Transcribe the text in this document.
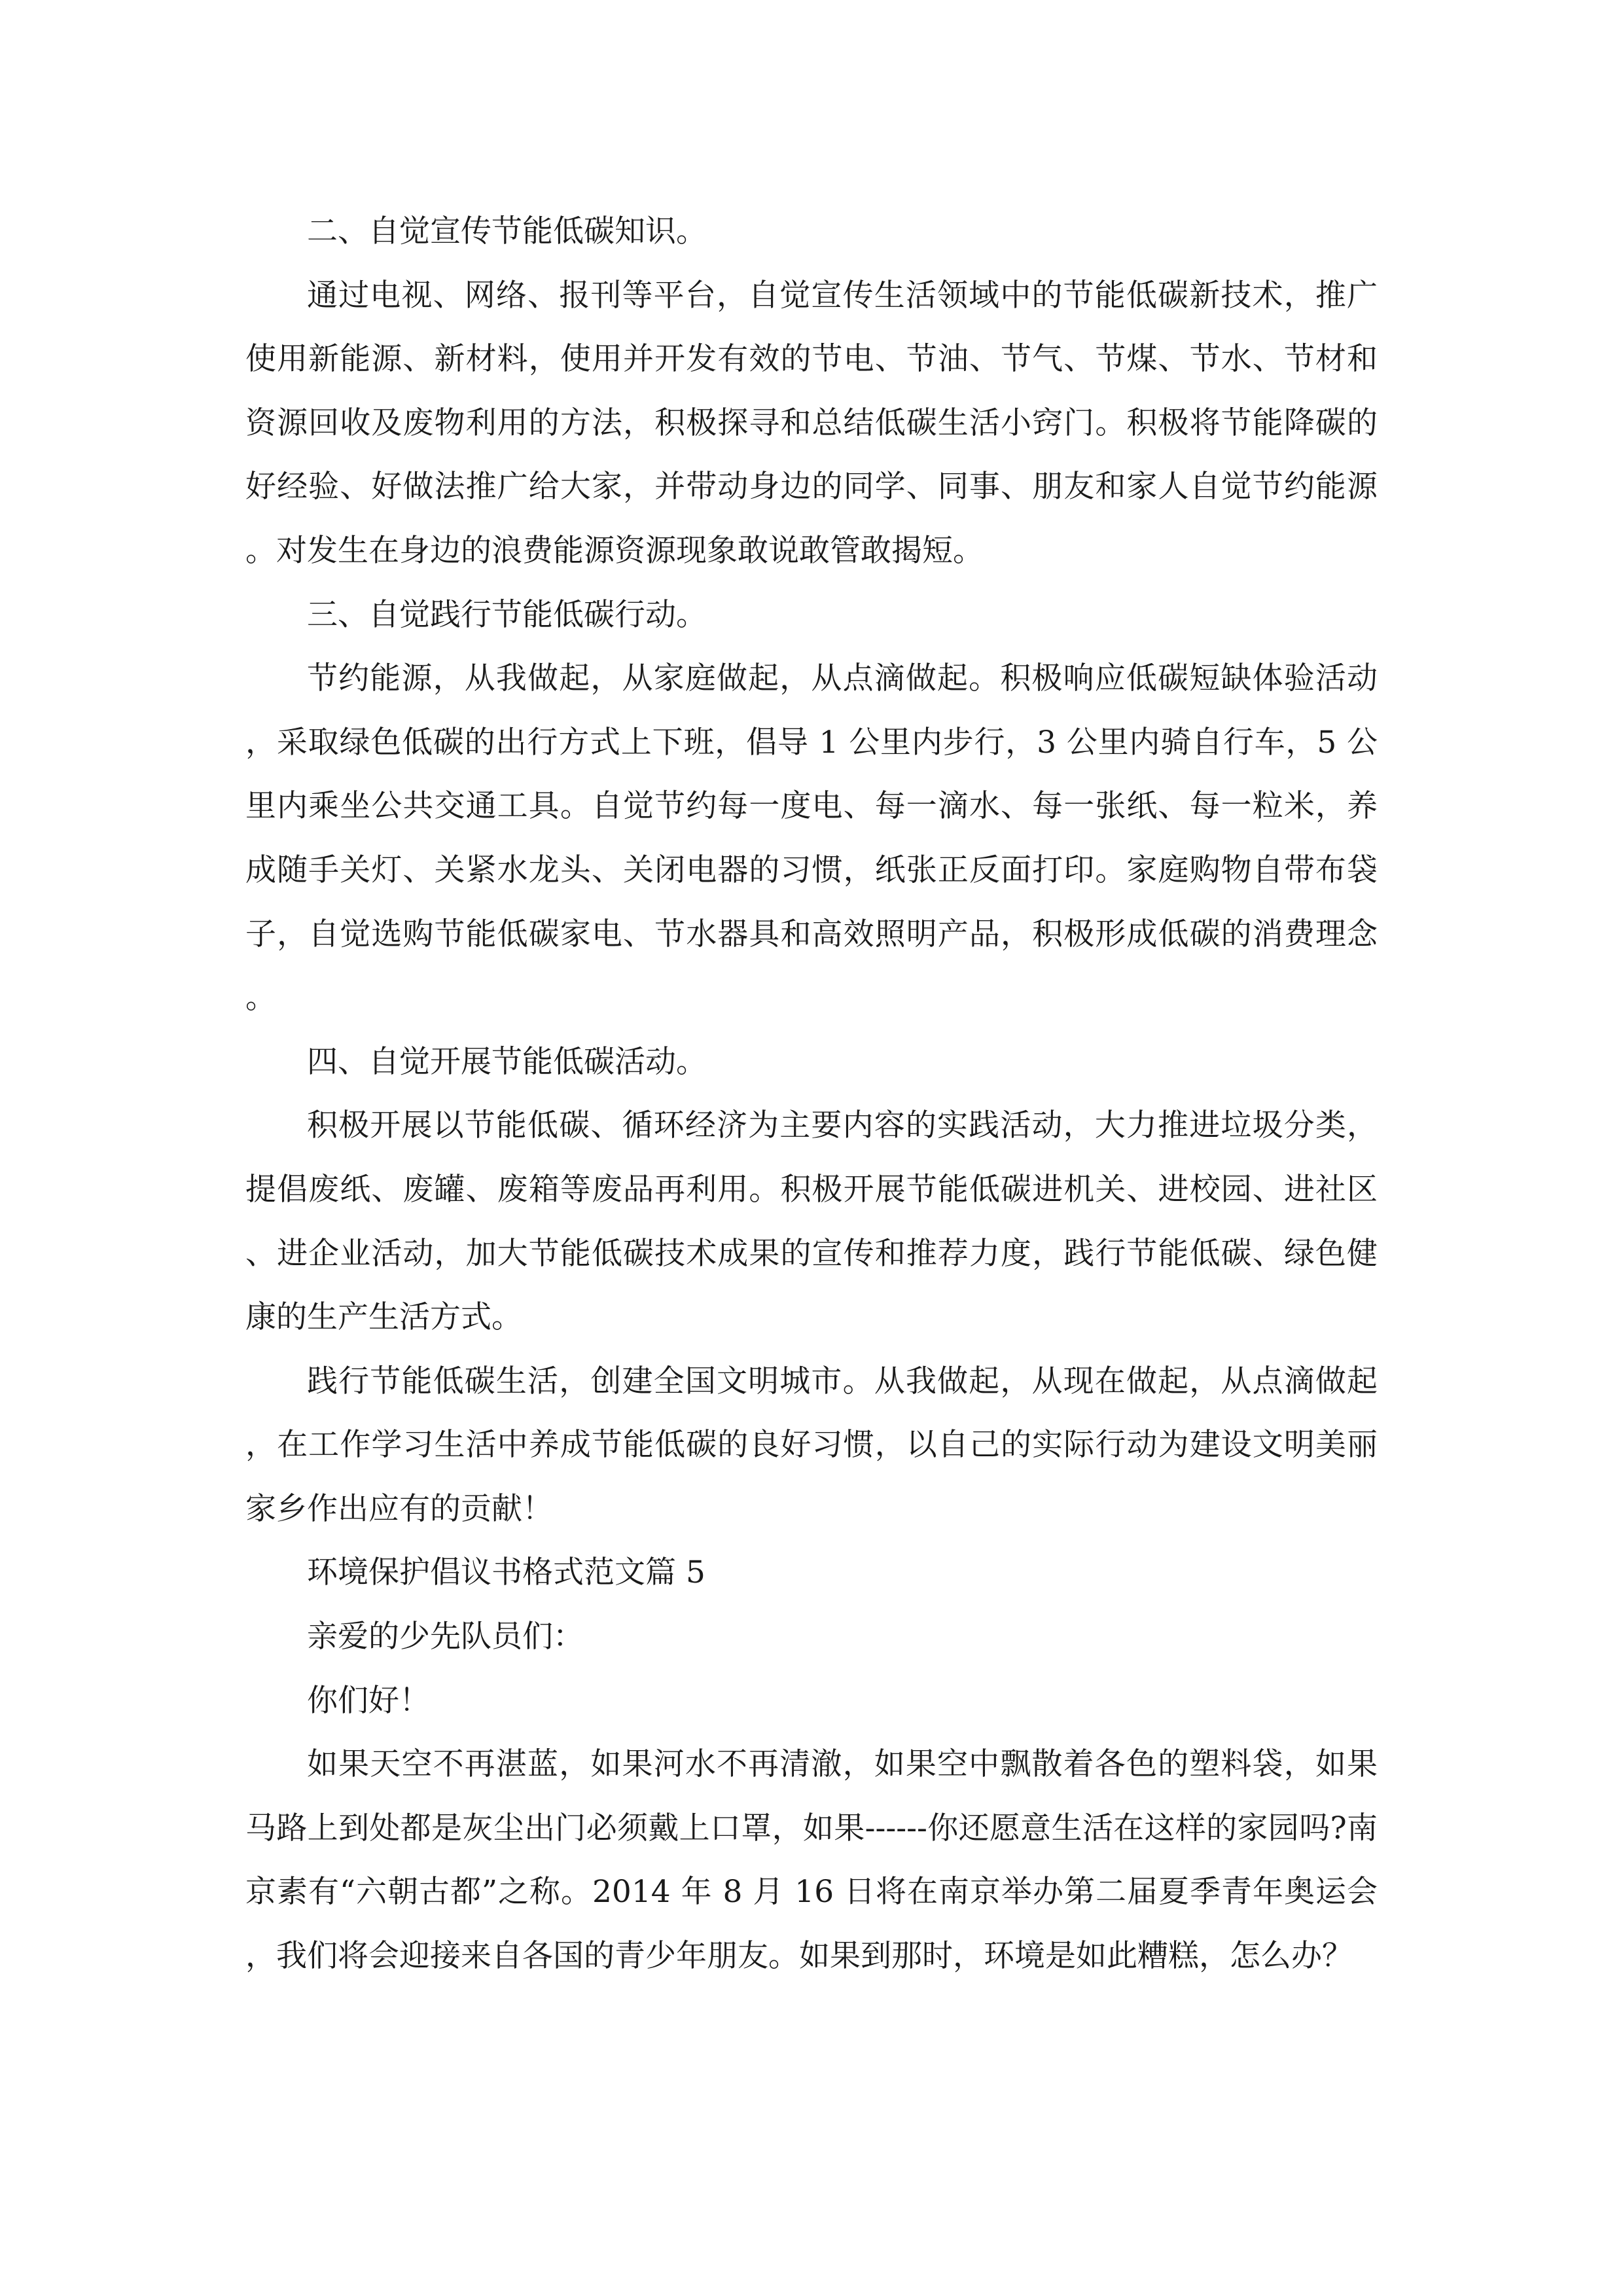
二、自觉宣传节能低碳知识。

通过电视、网络、报刊等平台，自觉宣传生活领域中的节能低碳新技术，推广使用新能源、新材料，使用并开发有效的节电、节油、节气、节煤、节水、节材和资源回收及废物利用的方法，积极探寻和总结低碳生活小窍门。积极将节能降碳的好经验、好做法推广给大家，并带动身边的同学、同事、朋友和家人自觉节约能源。对发生在身边的浪费能源资源现象敢说敢管敢揭短。

三、自觉践行节能低碳行动。

节约能源，从我做起，从家庭做起，从点滴做起。积极响应低碳短缺体验活动，采取绿色低碳的出行方式上下班，倡导 1 公里内步行，3 公里内骑自行车，5 公里内乘坐公共交通工具。自觉节约每一度电、每一滴水、每一张纸、每一粒米，养成随手关灯、关紧水龙头、关闭电器的习惯，纸张正反面打印。家庭购物自带布袋子，自觉选购节能低碳家电、节水器具和高效照明产品，积极形成低碳的消费理念。

四、自觉开展节能低碳活动。

积极开展以节能低碳、循环经济为主要内容的实践活动，大力推进垃圾分类，提倡废纸、废罐、废箱等废品再利用。积极开展节能低碳进机关、进校园、进社区、进企业活动，加大节能低碳技术成果的宣传和推荐力度，践行节能低碳、绿色健康的生产生活方式。

践行节能低碳生活，创建全国文明城市。从我做起，从现在做起，从点滴做起，在工作学习生活中养成节能低碳的良好习惯，以自己的实际行动为建设文明美丽家乡作出应有的贡献！

环境保护倡议书格式范文篇 5

亲爱的少先队员们：

你们好！

如果天空不再湛蓝，如果河水不再清澈，如果空中飘散着各色的塑料袋，如果马路上到处都是灰尘出门必须戴上口罩，如果------你还愿意生活在这样的家园吗?南京素有“六朝古都”之称。2014 年 8 月 16 日将在南京举办第二届夏季青年奥运会，我们将会迎接来自各国的青少年朋友。如果到那时，环境是如此糟糕，怎么办？
